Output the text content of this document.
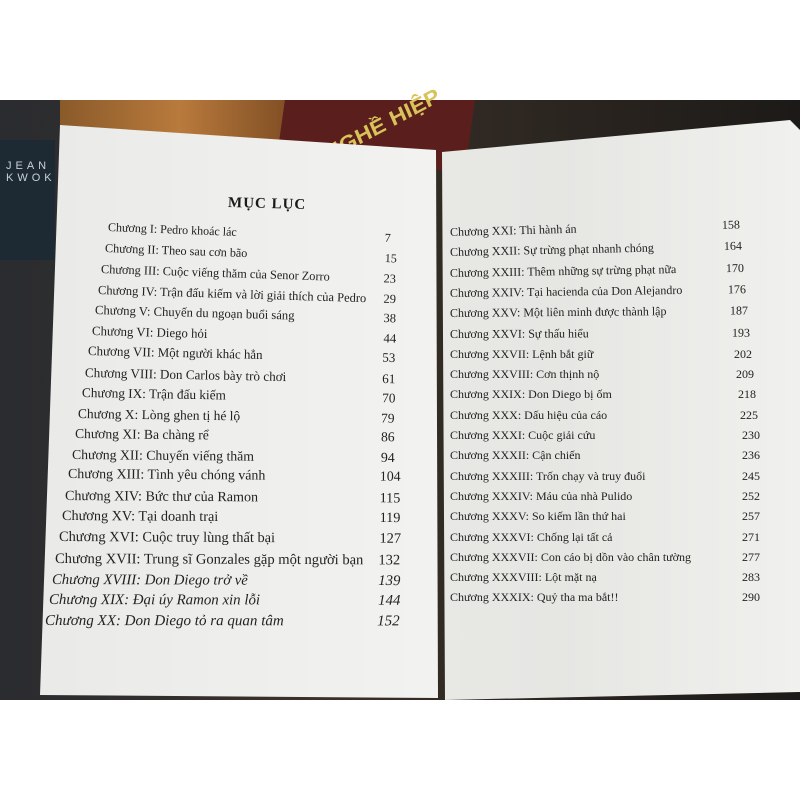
NGHỀ HIỆP
JEAN KWOK
MỤC LỤC
Chương I: Pedro khoác lác	7
Chương II: Theo sau cơn bão	15
Chương III: Cuộc viếng thăm của Senor Zorro	23
Chương IV: Trận đấu kiếm và lời giải thích của Pedro 29
Chương V: Chuyến du ngoạn buổi sáng	38
Chương VI: Diego hỏi	44
Chương VII: Một người khác hẳn	53
Chương VIII: Don Carlos bày trò chơi	61
Chương IX: Trận đấu kiếm	70
Chương X: Lòng ghen tị hé lộ	79
Chương XI: Ba chàng rể	86
Chương XII: Chuyến viếng thăm	94
Chương XIII: Tình yêu chóng vánh	104
Chương XIV: Bức thư của Ramon	115
Chương XV: Tại doanh trại	119
Chương XVI: Cuộc truy lùng thất bại	127
Chương XVII: Trung sĩ Gonzales gặp một người bạn 132
Chương XVIII: Don Diego trở về	139
Chương XIX: Đại úy Ramon xin lỗi	144
Chương XX: Don Diego tỏ ra quan tâm	152
Chương XXI: Thi hành án	158
Chương XXII: Sự trừng phạt nhanh chóng	164
Chương XXIII: Thêm những sự trừng phạt nữa	170
Chương XXIV: Tại hacienda của Don Alejandro	176
Chương XXV: Một liên minh được thành lập	187
Chương XXVI: Sự thấu hiểu	193
Chương XXVII: Lệnh bắt giữ	202
Chương XXVIII: Cơn thịnh nộ	209
Chương XXIX: Don Diego bị ốm	218
Chương XXX: Dấu hiệu của cáo	225
Chương XXXI: Cuộc giải cứu	230
Chương XXXII: Cận chiến	236
Chương XXXIII: Trốn chạy và truy đuổi	245
Chương XXXIV: Máu của nhà Pulido	252
Chương XXXV: So kiếm lần thứ hai	257
Chương XXXVI: Chống lại tất cả	271
Chương XXXVII: Con cáo bị dồn vào chân tường	277
Chương XXXVIII: Lột mặt nạ	283
Chương XXXIX: Quỷ tha ma bắt!!	290
